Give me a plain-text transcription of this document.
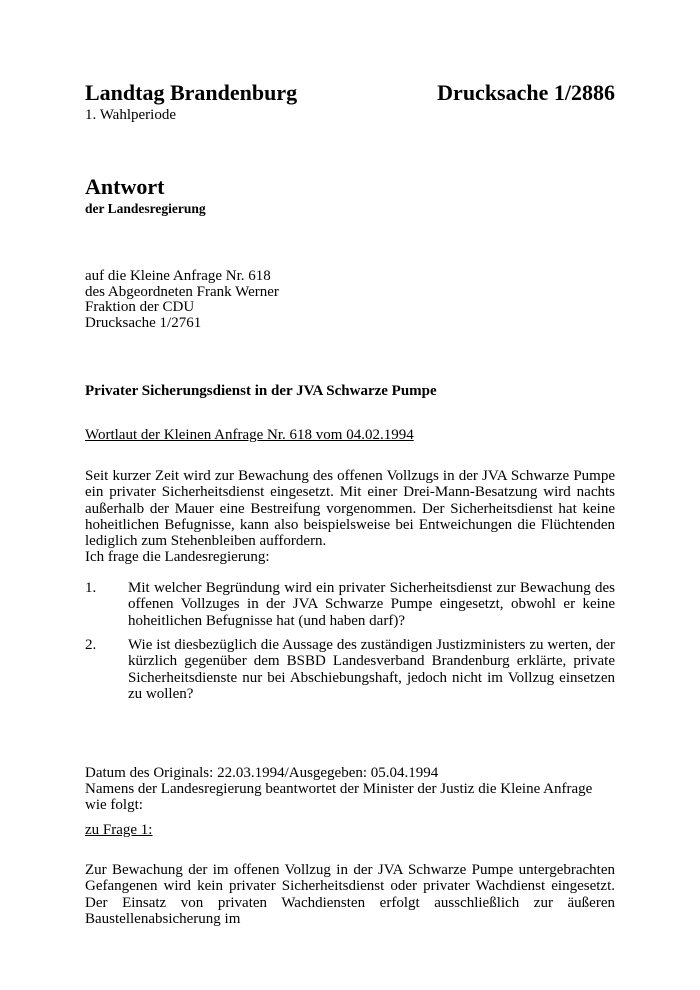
Landtag Brandenburg
1. Wahlperiode
Drucksache 1/2886
Antwort
der Landesregierung
auf die Kleine Anfrage Nr. 618
des Abgeordneten Frank Werner
Fraktion der CDU
Drucksache 1/2761
Privater Sicherungsdienst in der JVA Schwarze Pumpe
Wortlaut der Kleinen Anfrage Nr. 618 vom 04.02.1994

Seit kurzer Zeit wird zur Bewachung des offenen Vollzugs in der JVA Schwarze Pumpe ein privater Sicherheitsdienst eingesetzt. Mit einer Drei-Mann-Besatzung wird nachts außerhalb der Mauer eine Bestreifung vorgenommen. Der Sicherheitsdienst hat keine hoheitlichen Befugnisse, kann also beispielsweise bei Entweichungen die Flüchtenden lediglich zum Stehenbleiben auffordern.

Ich frage die Landesregierung:

1. Mit welcher Begründung wird ein privater Sicherheitsdienst zur Bewachung des offenen Vollzuges in der JVA Schwarze Pumpe eingesetzt, obwohl er keine hoheitlichen Befugnisse hat (und haben darf)?

2. Wie ist diesbezüglich die Aussage des zuständigen Justizministers zu werten, der kürzlich gegenüber dem BSBD Landesverband Brandenburg erklärte, private Sicherheitsdienste nur bei Abschiebungshaft, jedoch nicht im Vollzug einsetzen zu wollen?

Datum des Originals: 22.03.1994/Ausgegeben: 05.04.1994
Namens der Landesregierung beantwortet der Minister der Justiz die Kleine Anfrage wie folgt:
zu Frage 1:

Zur Bewachung der im offenen Vollzug in der JVA Schwarze Pumpe untergebrachten Gefangenen wird kein privater Sicherheitsdienst oder privater Wachdienst eingesetzt. Der Einsatz von privaten Wachdiensten erfolgt ausschließlich zur äußeren Baustellenabsicherung im
